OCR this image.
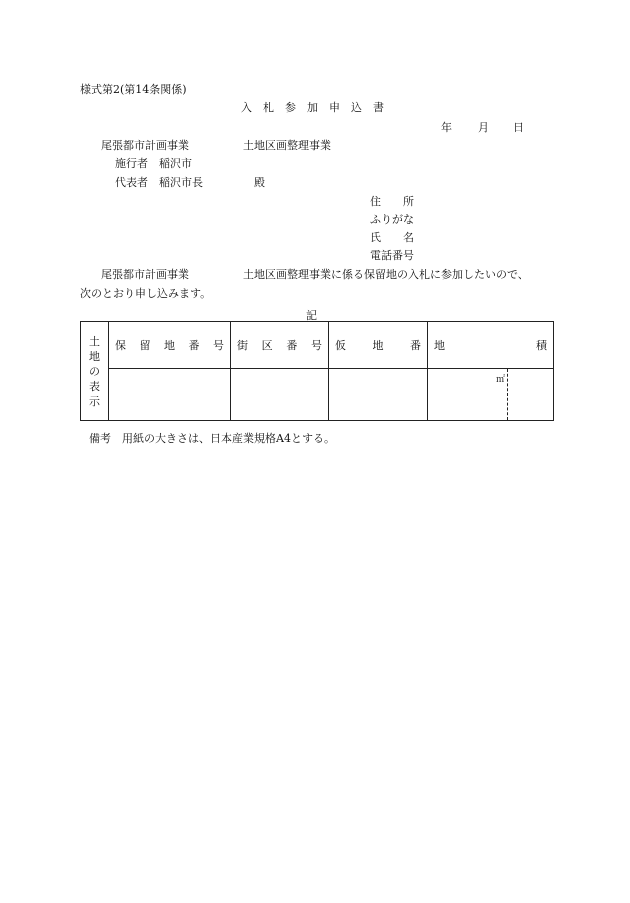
様式第2(第14条関係)
入　札　参　加　申　込　書
年 月 日
尾張都市計画事業	土地区画整理事業
施行者　稲沢市
代表者　稲沢市長	殿
住　　所
ふりがな
氏　　名
電話番号
尾張都市計画事業	土地区画整理事業に係る保留地の入札に参加したいので、
次のとおり申し込みます。
記
土
地
の
表
示	保 留 地 番 号	街 区 番 号	仮 地 番	地 積

				㎡
備考　用紙の大きさは、日本産業規格A4とする。
